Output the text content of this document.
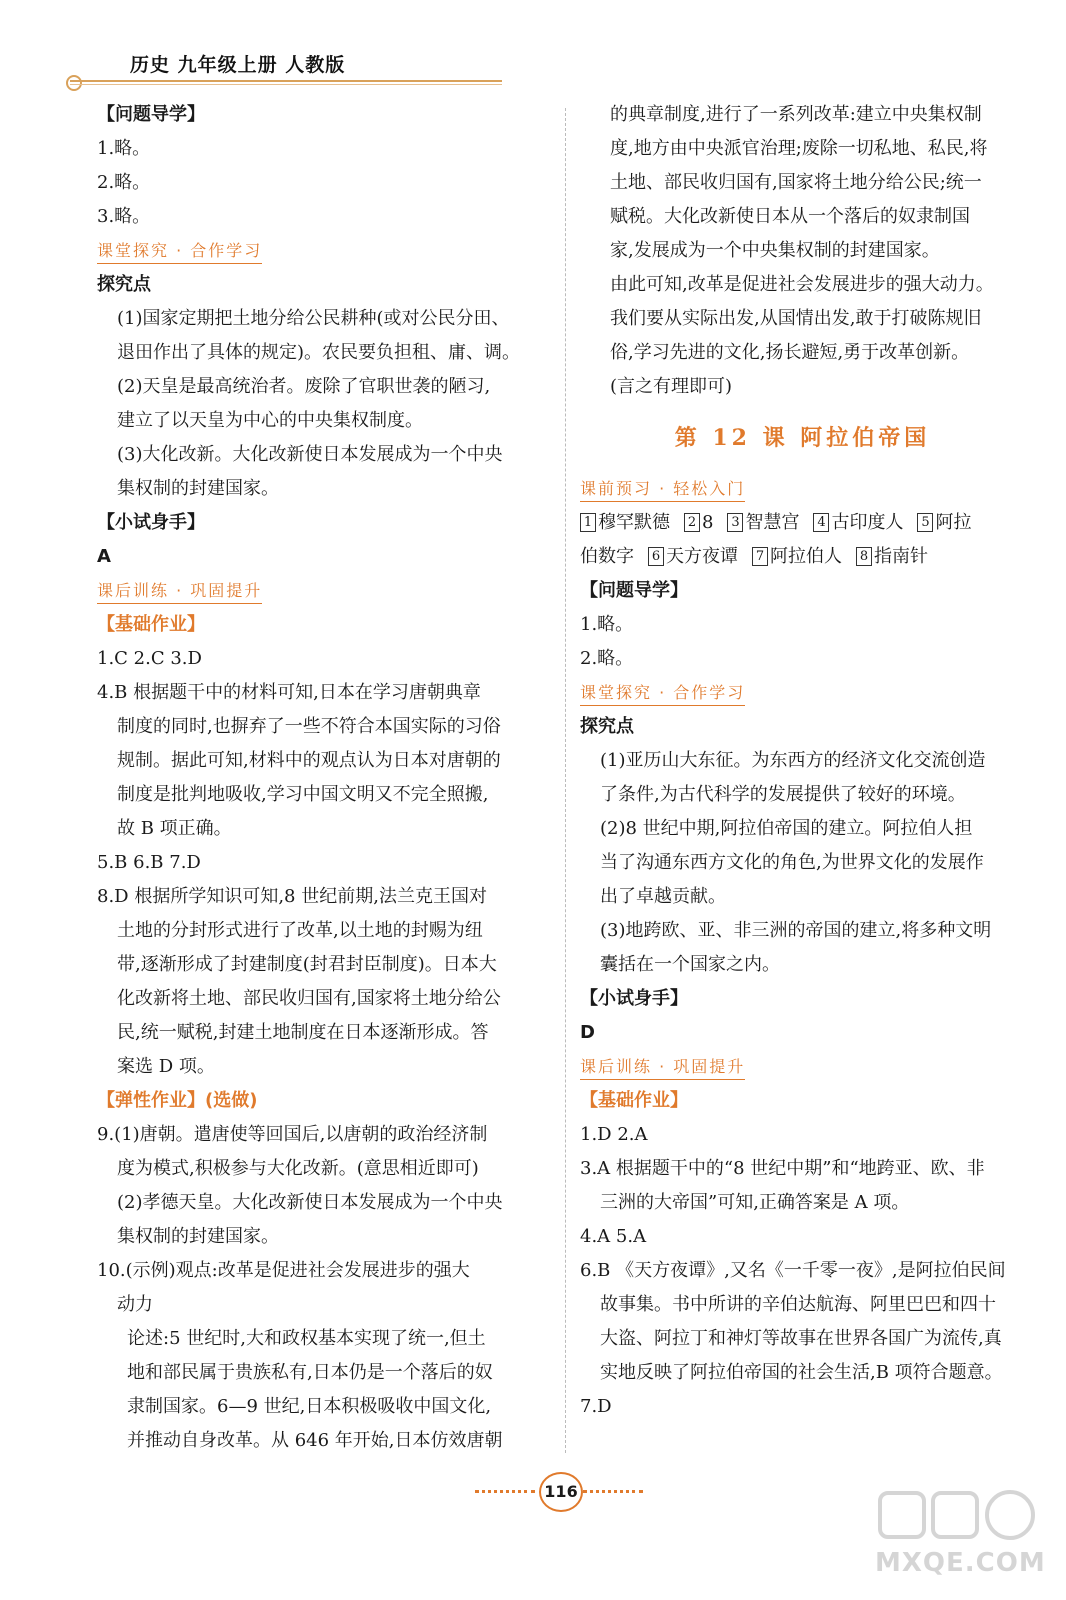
历史 九年级上册 人教版
【问题导学】
1.略。
2.略。
3.略。
课堂探究 · 合作学习
探究点
(1)国家定期把土地分给公民耕种(或对公民分田、
退田作出了具体的规定)。农民要负担租、庸、调。
(2)天皇是最高统治者。废除了官职世袭的陋习,
建立了以天皇为中心的中央集权制度。
(3)大化改新。大化改新使日本发展成为一个中央
集权制的封建国家。
【小试身手】
A
课后训练 · 巩固提升
【基础作业】
1.C 2.C 3.D
4.B 根据题干中的材料可知,日本在学习唐朝典章
制度的同时,也摒弃了一些不符合本国实际的习俗
规制。据此可知,材料中的观点认为日本对唐朝的
制度是批判地吸收,学习中国文明又不完全照搬,
故 B 项正确。
5.B 6.B 7.D
8.D 根据所学知识可知,8 世纪前期,法兰克王国对
土地的分封形式进行了改革,以土地的封赐为纽
带,逐渐形成了封建制度(封君封臣制度)。日本大
化改新将土地、部民收归国有,国家将土地分给公
民,统一赋税,封建土地制度在日本逐渐形成。答
案选 D 项。
【弹性作业】(选做)
9.(1)唐朝。遣唐使等回国后,以唐朝的政治经济制
度为模式,积极参与大化改新。(意思相近即可)
(2)孝德天皇。大化改新使日本发展成为一个中央
集权制的封建国家。
10.(示例)观点:改革是促进社会发展进步的强大
动力
论述:5 世纪时,大和政权基本实现了统一,但土
地和部民属于贵族私有,日本仍是一个落后的奴
隶制国家。6—9 世纪,日本积极吸收中国文化,
并推动自身改革。从 646 年开始,日本仿效唐朝
的典章制度,进行了一系列改革:建立中央集权制
度,地方由中央派官治理;废除一切私地、私民,将
土地、部民收归国有,国家将土地分给公民;统一
赋税。大化改新使日本从一个落后的奴隶制国
家,发展成为一个中央集权制的封建国家。
由此可知,改革是促进社会发展进步的强大动力。
我们要从实际出发,从国情出发,敢于打破陈规旧
俗,学习先进的文化,扬长避短,勇于改革创新。
(言之有理即可)
第 12 课 阿拉伯帝国
课前预习 · 轻松入门
1 穆罕默德 2 8 3 智慧宫 4 古印度人 5 阿拉
伯数字 6 天方夜谭 7 阿拉伯人 8 指南针
【问题导学】
1.略。
2.略。
课堂探究 · 合作学习
探究点
(1)亚历山大东征。为东西方的经济文化交流创造
了条件,为古代科学的发展提供了较好的环境。
(2)8 世纪中期,阿拉伯帝国的建立。阿拉伯人担
当了沟通东西方文化的角色,为世界文化的发展作
出了卓越贡献。
(3)地跨欧、亚、非三洲的帝国的建立,将多种文明
囊括在一个国家之内。
【小试身手】
D
课后训练 · 巩固提升
【基础作业】
1.D 2.A
3.A 根据题干中的“8 世纪中期”和“地跨亚、欧、非
三洲的大帝国”可知,正确答案是 A 项。
4.A 5.A
6.B 《天方夜谭》,又名《一千零一夜》,是阿拉伯民间
故事集。书中所讲的辛伯达航海、阿里巴巴和四十
大盗、阿拉丁和神灯等故事在世界各国广为流传,真
实地反映了阿拉伯帝国的社会生活,B 项符合题意。
7.D
116
MXQE.COM
